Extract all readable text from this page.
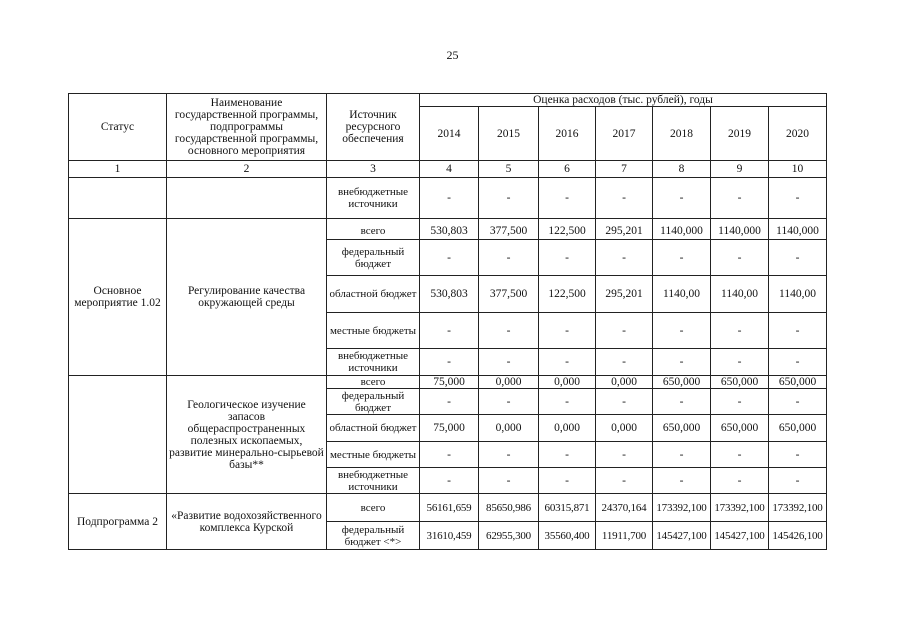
25
Статус	Наименование государственной программы, подпрограммы государственной программы, основного мероприятия	Источник ресурсного обеспечения	Оценка расходов (тыс. рублей), годы						
			2014	2015	2016	2017	2018	2019	2020
1	2	3	4	5	6	7	8	9	10
		внебюджетные источники	-	-	-	-	-	-	-
Основное мероприятие 1.02	Регулирование качества окружающей среды								
		всего	530,803	377,500	122,500	295,201	1140,000	1140,000	1140,000
		федеральный бюджет	-	-	-	-	-	-	-
		областной бюджет	530,803	377,500	122,500	295,201	1140,00	1140,00	1140,00
		местные бюджеты	-	-	-	-	-	-	-
		внебюджетные источники	-	-	-	-	-	-	-
	Геологическое изучение запасов общераспространенных полезных ископаемых, развитие минерально-сырьевой базы**	всего	75,000	0,000	0,000	0,000	650,000	650,000	650,000
		федеральный бюджет	-	-	-	-	-	-	-
		областной бюджет	75,000	0,000	0,000	0,000	650,000	650,000	650,000
		местные бюджеты	-	-	-	-	-	-	-
		внебюджетные источники	-	-	-	-	-	-	-
Подпрограмма 2	«Развитие водохозяйственного комплекса Курской	всего	56161,659	85650,986	60315,871	24370,164	173392,100	173392,100	173392,100
		федеральный бюджет <*>	31610,459	62955,300	35560,400	11911,700	145427,100	145427,100	145426,100
